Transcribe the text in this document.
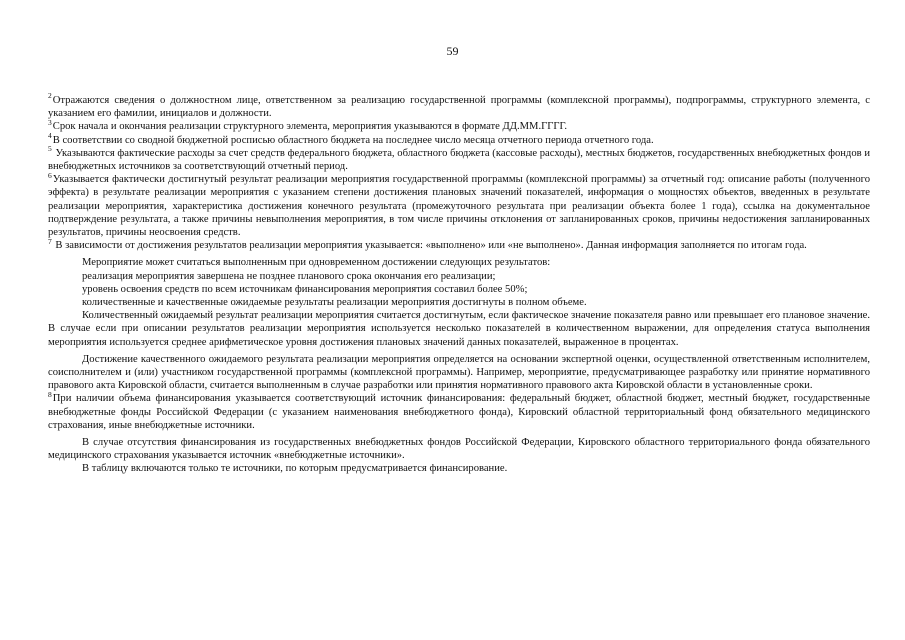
59

$^2$Отражаются сведения о должностном лице, ответственном за реализацию государственной программы (комплексной программы), подпрограммы, структурного элемента, с указанием его фамилии, инициалов и должности.

$^3$Срок начала и окончания реализации структурного элемента, мероприятия указываются в формате ДД.ММ.ГГГГ.

$^4$В соответствии со сводной бюджетной росписью областного бюджета на последнее число месяца отчетного периода отчетного года.

$^5$ Указываются фактические расходы за счет средств федерального бюджета, областного бюджета (кассовые расходы), местных бюджетов, государственных внебюджетных фондов и внебюджетных источников за соответствующий отчетный период.

$^6$Указывается фактически достигнутый результат реализации мероприятия государственной программы (комплексной программы) за отчетный год: описание работы (полученного эффекта) в результате реализации мероприятия с указанием степени достижения плановых значений показателей, информация о мощностях объектов, введенных в результате реализации мероприятия, характеристика достижения конечного результата (промежуточного результата при реализации объекта более 1 года), ссылка на документальное подтверждение результата, а также причины невыполнения мероприятия, в том числе причины отклонения от запланированных сроков, причины недостижения запланированных результатов, причины неосвоения средств.

$^7$ В зависимости от достижения результатов реализации мероприятия указывается: «выполнено» или «не выполнено». Данная информация заполняется по итогам года.

Мероприятие может считаться выполненным при одновременном достижении следующих результатов:

реализация мероприятия завершена не позднее планового срока окончания его реализации;

уровень освоения средств по всем источникам финансирования мероприятия составил более 50%;

количественные и качественные ожидаемые результаты реализации мероприятия достигнуты в полном объеме.

Количественный ожидаемый результат реализации мероприятия считается достигнутым, если фактическое значение показателя равно или превышает его плановое значение. В случае если при описании результатов реализации мероприятия используется несколько показателей в количественном выражении, для определения статуса выполнения мероприятия используется среднее арифметическое уровня достижения плановых значений данных показателей, выраженное в процентах.

Достижение качественного ожидаемого результата реализации мероприятия определяется на основании экспертной оценки, осуществленной ответственным исполнителем, соисполнителем и (или) участником государственной программы (комплексной программы). Например, мероприятие, предусматривающее разработку или принятие нормативного правового акта Кировской области, считается выполненным в случае разработки или принятия нормативного правового акта Кировской области в установленные сроки.

$^8$При наличии объема финансирования указывается соответствующий источник финансирования: федеральный бюджет, областной бюджет, местный бюджет, государственные внебюджетные фонды Российской Федерации (с указанием наименования внебюджетного фонда), Кировский областной территориальный фонд обязательного медицинского страхования, иные внебюджетные источники.

В случае отсутствия финансирования из государственных внебюджетных фондов Российской Федерации, Кировского областного территориального фонда обязательного медицинского страхования указывается источник «внебюджетные источники».

В таблицу включаются только те источники, по которым предусматривается финансирование.
